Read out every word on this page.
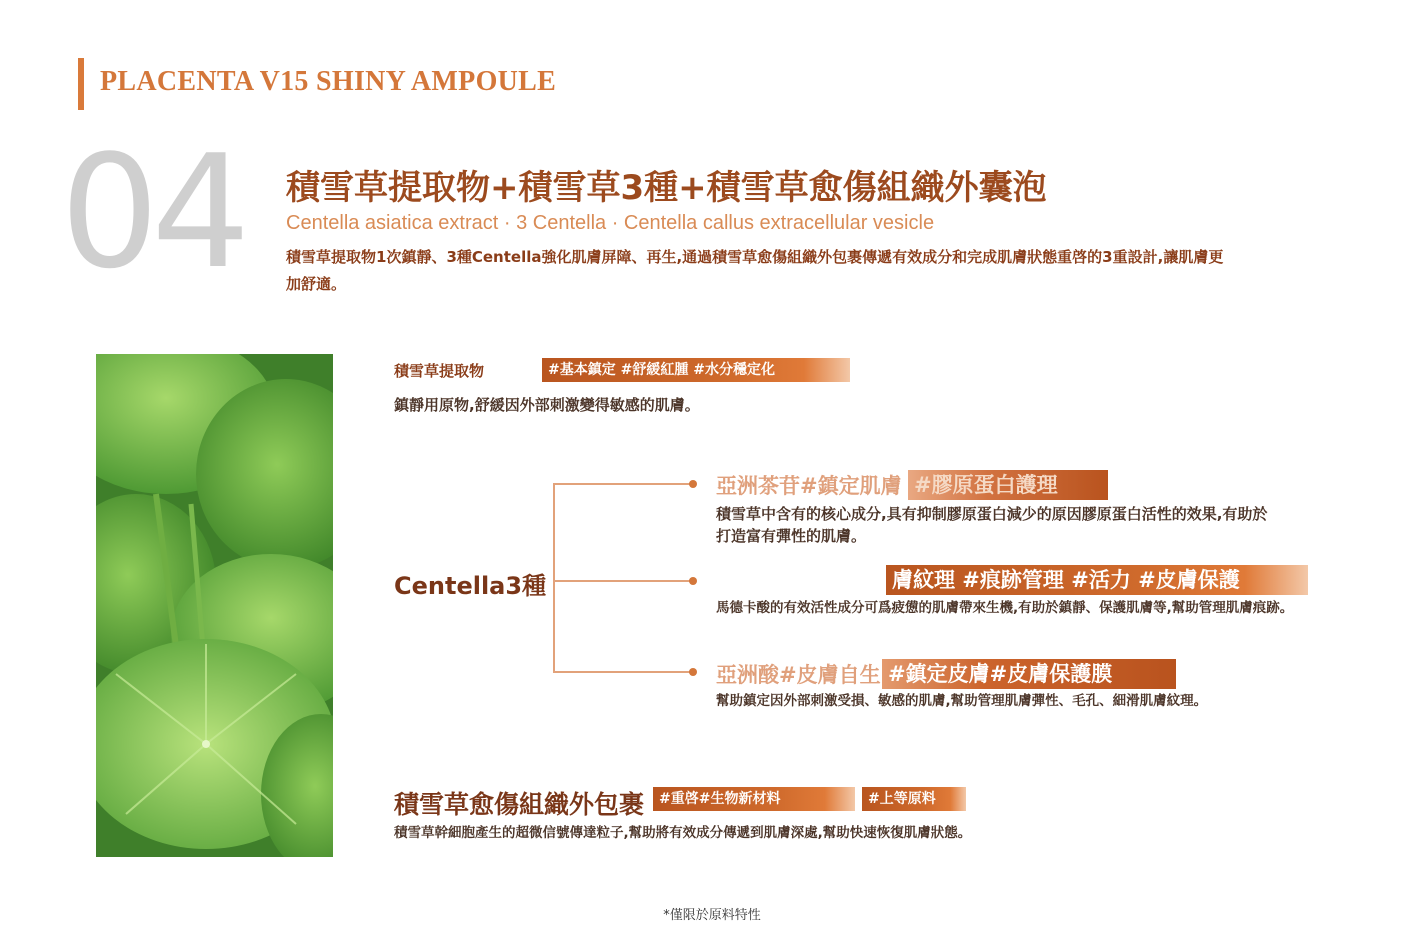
PLACENTA V15 SHINY AMPOULE
04 積雪草提取物+積雪草3種+積雪草愈傷組織外囊泡
Centella asiatica extract · 3 Centella · Centella callus extracellular vesicle
積雪草提取物1次鎮靜、3種Centella強化肌膚屏障、再生,通過積雪草愈傷組織外包裹傳遞有效成分和完成肌膚狀態重啓的3重設計,讓肌膚更加舒適。
積雪草提取物	#基本鎮定 #舒緩紅腫 #水分穩定化
鎮靜用原物,舒緩因外部刺激變得敏感的肌膚。
Centella3種
亞洲茶苷#鎮定肌膚 #膠原蛋白護理
積雪草中含有的核心成分,具有抑制膠原蛋白減少的原因膠原蛋白活性的效果,有助於打造富有彈性的肌膚。
膚紋理 #痕跡管理 #活力 #皮膚保護
馬德卡酸的有效活性成分可爲疲憊的肌膚帶來生機,有助於鎮靜、保護肌膚等,幫助管理肌膚痕跡。
亞洲酸#皮膚自生 #鎮定皮膚#皮膚保護膜
幫助鎮定因外部刺激受損、敏感的肌膚,幫助管理肌膚彈性、毛孔、細滑肌膚紋理。
積雪草愈傷組織外包裹	#重啓#生物新材料	#上等原料
積雪草幹細胞產生的超微信號傳達粒子,幫助將有效成分傳遞到肌膚深處,幫助快速恢復肌膚狀態。
*僅限於原料特性
